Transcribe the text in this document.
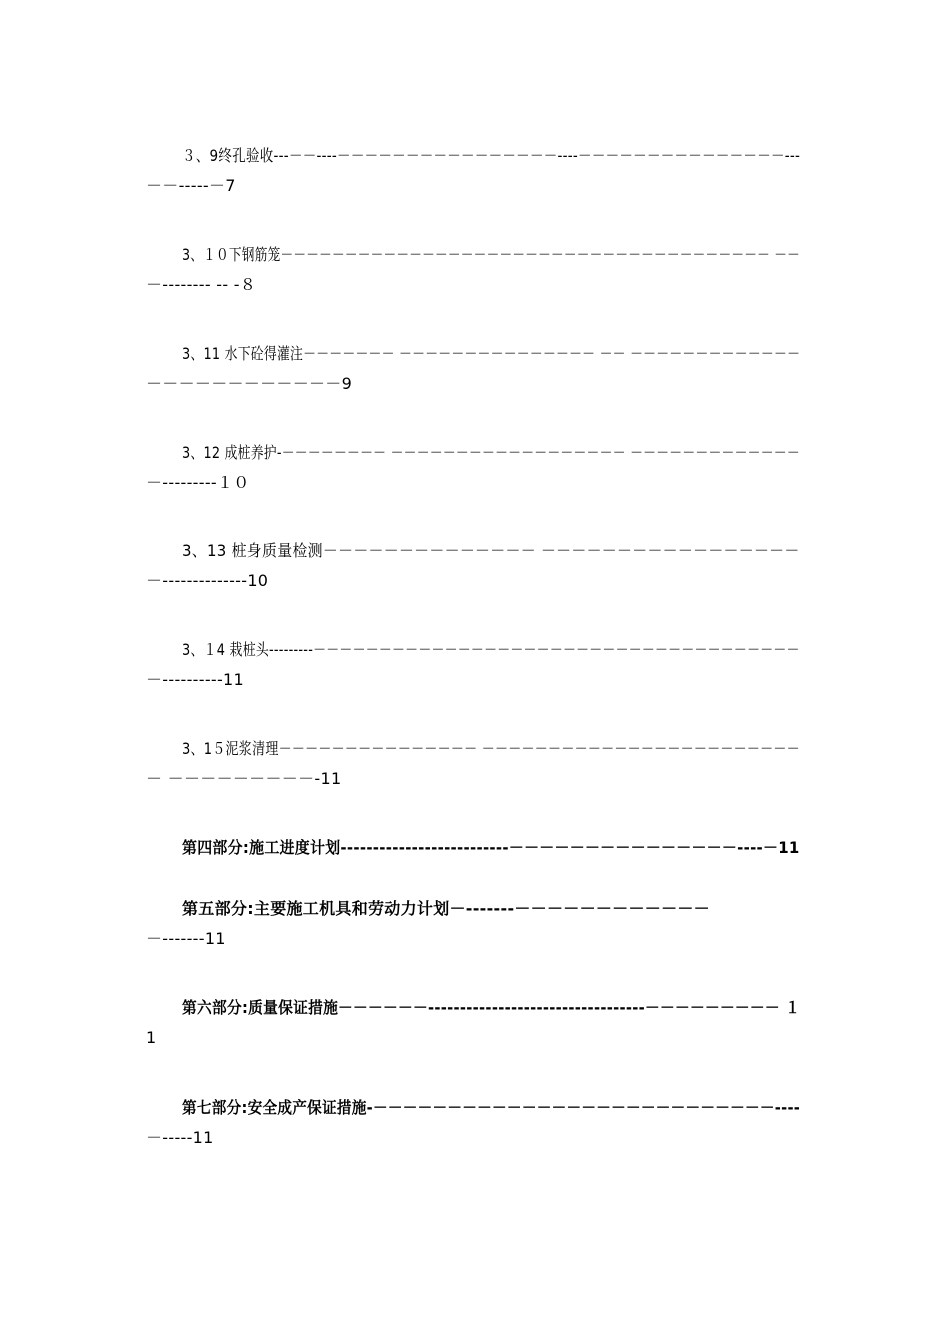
３、9终孔验收---－－----－－－－－－－－－－－－－－－－----－－－－－－－－－－－－－－－---
－－-----－7
3、１０下钢筋笼－－－－－－－－－－－－－－－－－－－－－－－－－－－－－－－－－－－－－－ －－
－-------- -- -８
3、11 水下砼得灌注－－－－－－－ －－－－－－－－－－－－－－－ －－ －－－－－－－－－－－－－
－－－－－－－－－－－－9
3、12 成桩养护-－－－－－－－－ －－－－－－－－－－－－－－－－－－ －－－－－－－－－－－－－
－---------１０
3、13 桩身质量检测－－－－－－－－－－－－－－ －－－－－－－－－－－－－－－－－
－--------------10
3、１4 栽桩头---------－－－－－－－－－－－－－－－－－－－－－－－－－－－－－－－－－－－－－
－----------11
3、1５泥浆清理－－－－－－－－－－－－－－－ －－－－－－－－－－－－－－－－－－－－－－－－
－ －－－－－－－－－-11
第四部分:施工进度计划--------------------------－－－－－－－－－－－－－－－----－11
第五部分:主要施工机具和劳动力计划－-------－－－－－－－－－－－－
－-------11
第六部分:质量保证措施－－－－－－----------------------------------－－－－－－－－－ １
1
第七部分:安全成产保证措施-－－－－－－－－－－－－－－－－－－－－－－－－－－－----
－-----11
